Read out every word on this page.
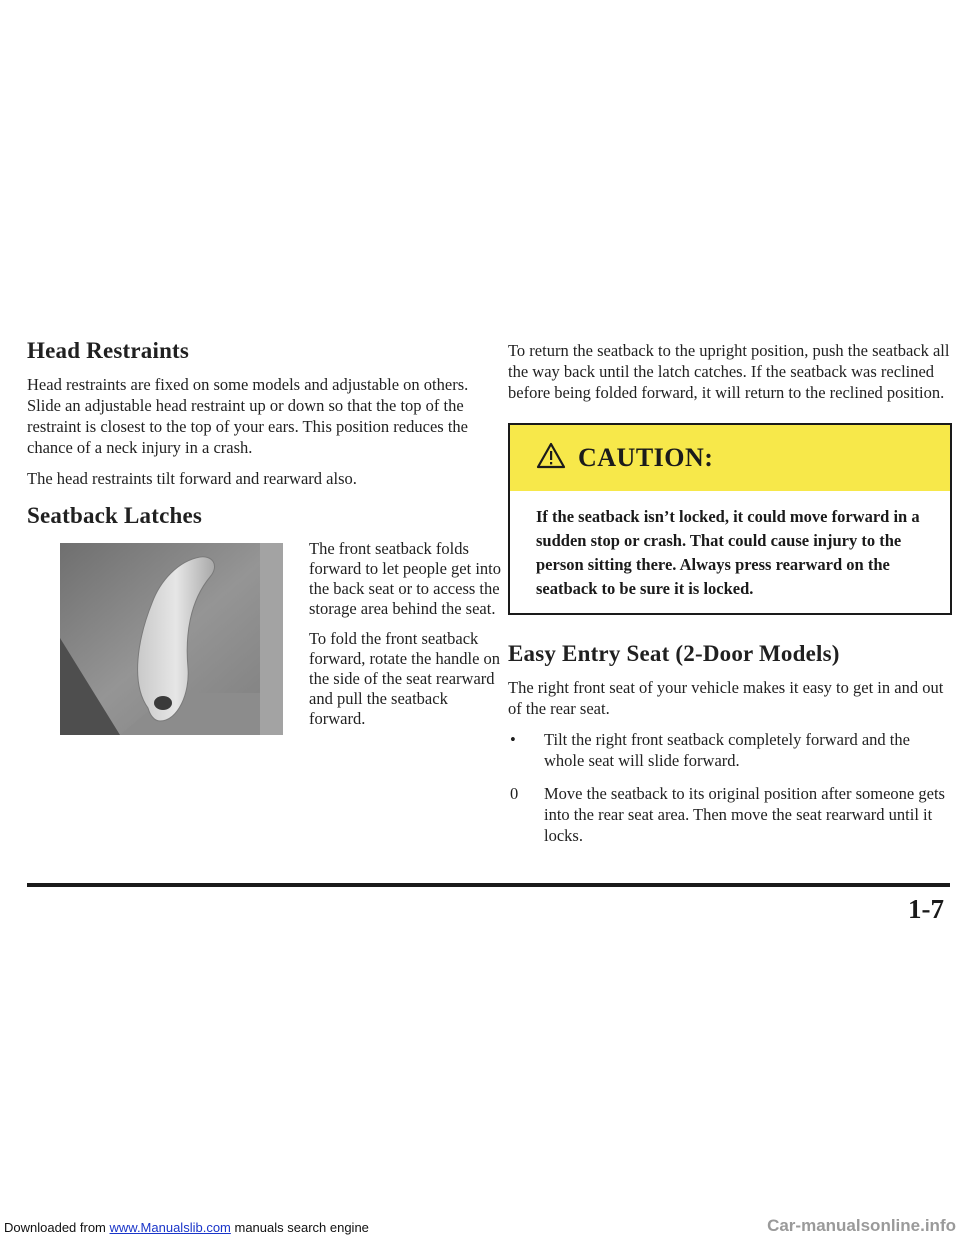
Head Restraints

Head restraints are fixed on some models and adjustable on others. Slide an adjustable head restraint up or down so that the top of the restraint is closest to the top of your ears. This position reduces the chance of a neck injury in a crash.

The head restraints tilt forward and rearward also.

Seatback Latches

The front seatback folds forward to let people get into the back seat or to access the storage area behind the seat.

To fold the front seatback forward, rotate the handle on the side of the seat rearward and pull the seatback forward.

To return the seatback to the upright position, push the seatback all the way back until the latch catches. If the seatback was reclined before being folded forward, it will return to the reclined position.

CAUTION:

If the seatback isn’t locked, it could move forward in a sudden stop or crash. That could cause injury to the person sitting there. Always press rearward on the seatback to be sure it is locked.

Easy Entry Seat (2-Door Models)

The right front seat of your vehicle makes it easy to get in and out of the rear seat.

•	Tilt the right front seatback completely forward and the whole seat will slide forward.
0	Move the seatback to its original position after someone gets into the rear seat area. Then move the seat rearward until it locks.
1-7
Downloaded from www.Manualslib.com manuals search engine	Car-manualsonline.info
